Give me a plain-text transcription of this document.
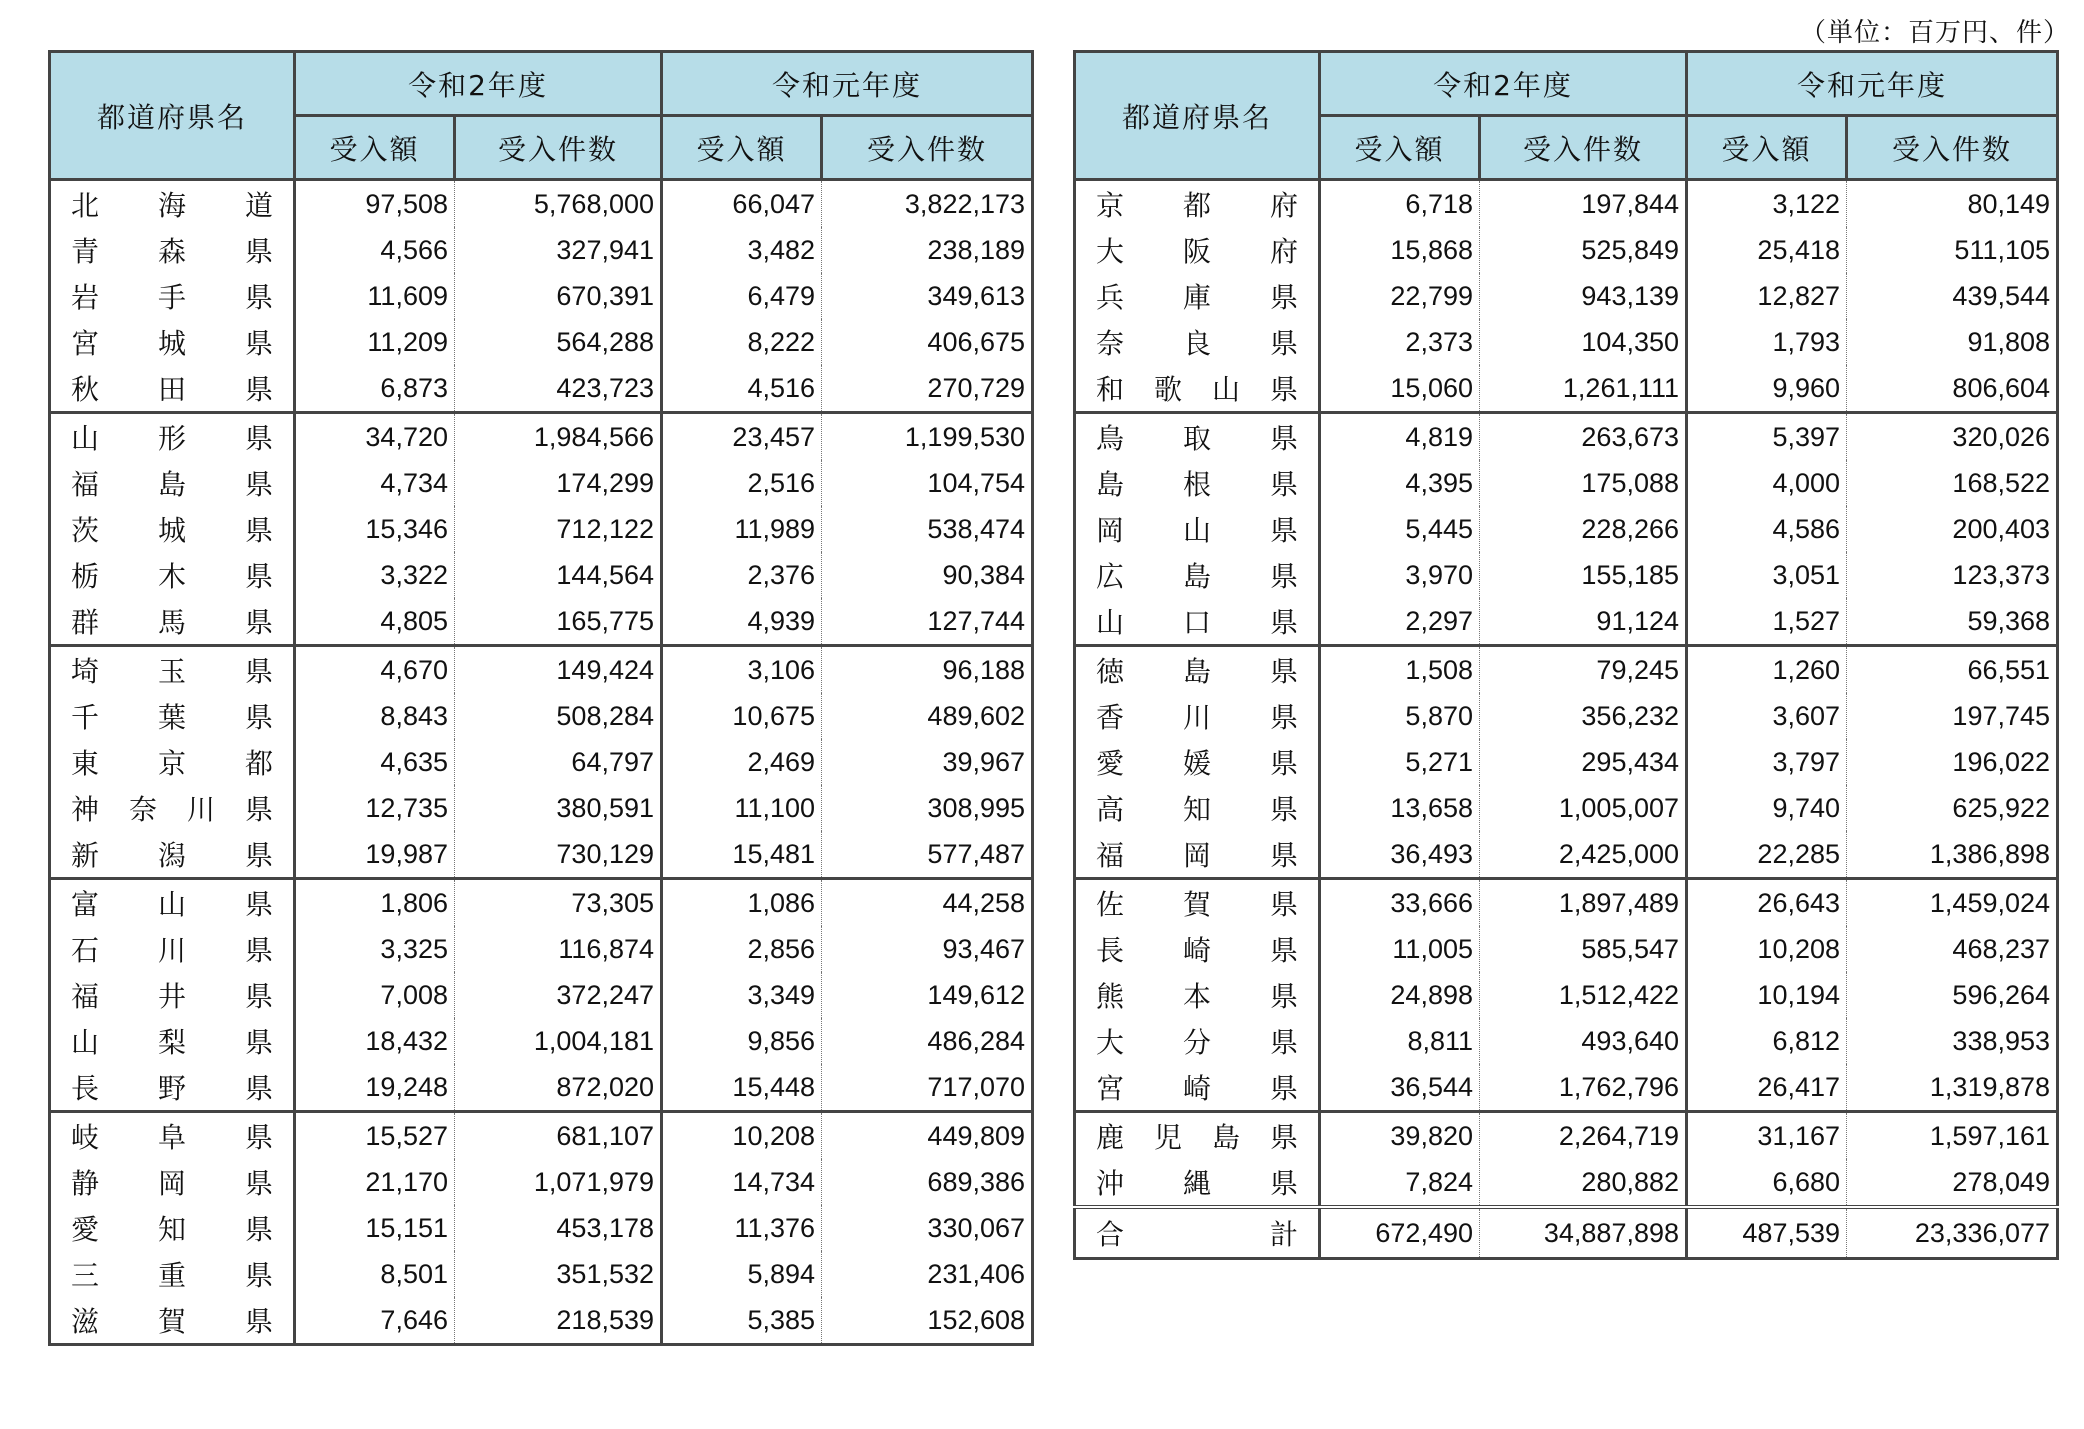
（単位：百万円、件）
都道府県名	令和2年度		令和元年度	
	受入額	受入件数	受入額	受入件数
北海道	97,508	5,768,000	66,047	3,822,173
青森県	4,566	327,941	3,482	238,189
岩手県	11,609	670,391	6,479	349,613
宮城県	11,209	564,288	8,222	406,675
秋田県	6,873	423,723	4,516	270,729
山形県	34,720	1,984,566	23,457	1,199,530
福島県	4,734	174,299	2,516	104,754
茨城県	15,346	712,122	11,989	538,474
栃木県	3,322	144,564	2,376	90,384
群馬県	4,805	165,775	4,939	127,744
埼玉県	4,670	149,424	3,106	96,188
千葉県	8,843	508,284	10,675	489,602
東京都	4,635	64,797	2,469	39,967
神奈川県	12,735	380,591	11,100	308,995
新潟県	19,987	730,129	15,481	577,487
富山県	1,806	73,305	1,086	44,258
石川県	3,325	116,874	2,856	93,467
福井県	7,008	372,247	3,349	149,612
山梨県	18,432	1,004,181	9,856	486,284
長野県	19,248	872,020	15,448	717,070
岐阜県	15,527	681,107	10,208	449,809
静岡県	21,170	1,071,979	14,734	689,386
愛知県	15,151	453,178	11,376	330,067
三重県	8,501	351,532	5,894	231,406
滋賀県	7,646	218,539	5,385	152,608
都道府県名	令和2年度		令和元年度	
	受入額	受入件数	受入額	受入件数
京都府	6,718	197,844	3,122	80,149
大阪府	15,868	525,849	25,418	511,105
兵庫県	22,799	943,139	12,827	439,544
奈良県	2,373	104,350	1,793	91,808
和歌山県	15,060	1,261,111	9,960	806,604
鳥取県	4,819	263,673	5,397	320,026
島根県	4,395	175,088	4,000	168,522
岡山県	5,445	228,266	4,586	200,403
広島県	3,970	155,185	3,051	123,373
山口県	2,297	91,124	1,527	59,368
徳島県	1,508	79,245	1,260	66,551
香川県	5,870	356,232	3,607	197,745
愛媛県	5,271	295,434	3,797	196,022
高知県	13,658	1,005,007	9,740	625,922
福岡県	36,493	2,425,000	22,285	1,386,898
佐賀県	33,666	1,897,489	26,643	1,459,024
長崎県	11,005	585,547	10,208	468,237
熊本県	24,898	1,512,422	10,194	596,264
大分県	8,811	493,640	6,812	338,953
宮崎県	36,544	1,762,796	26,417	1,319,878
鹿児島県	39,820	2,264,719	31,167	1,597,161
沖縄県	7,824	280,882	6,680	278,049
合計	672,490	34,887,898	487,539	23,336,077
